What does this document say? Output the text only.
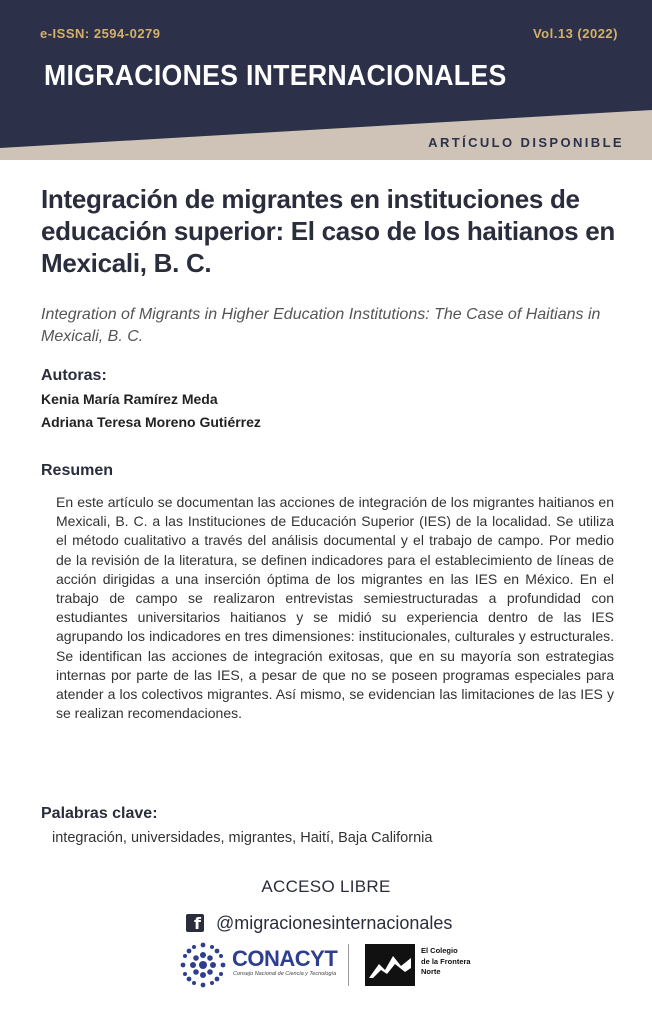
e-ISSN: 2594-0279	Vol.13 (2022)
MIGRACIONES INTERNACIONALES
ARTÍCULO DISPONIBLE
Integración de migrantes en instituciones de educación superior: El caso de los haitianos en Mexicali, B. C.
Integration of Migrants in Higher Education Institutions: The Case of Haitians in Mexicali, B. C.
Autoras:
Kenia María Ramírez Meda
Adriana Teresa Moreno Gutiérrez
Resumen
En este artículo se documentan las acciones de integración de los migrantes haitianos en Mexicali, B. C. a las Instituciones de Educación Superior (IES) de la localidad. Se utiliza el método cualitativo a través del análisis documental y el trabajo de campo. Por medio de la revisión de la literatura, se definen indicadores para el establecimiento de líneas de acción dirigidas a una inserción óptima de los migrantes en las IES en México. En el trabajo de campo se realizaron entrevistas semiestructuradas a profundidad con estudiantes universitarios haitianos y se midió su experiencia dentro de las IES agrupando los indicadores en tres dimensiones: institucionales, culturales y estructurales. Se identifican las acciones de integración exitosas, que en su mayoría son estrategias internas por parte de las IES, a pesar de que no se poseen programas especiales para atender a los colectivos migrantes. Así mismo, se evidencian las limitaciones de las IES y se realizan recomendaciones.
Palabras clave:
integración, universidades, migrantes, Haití, Baja California
ACCESO LIBRE
f @migracionesinternacionales
CONACYT
Consejo Nacional de Ciencia y Tecnología
El Colegio
de la Frontera
Norte
